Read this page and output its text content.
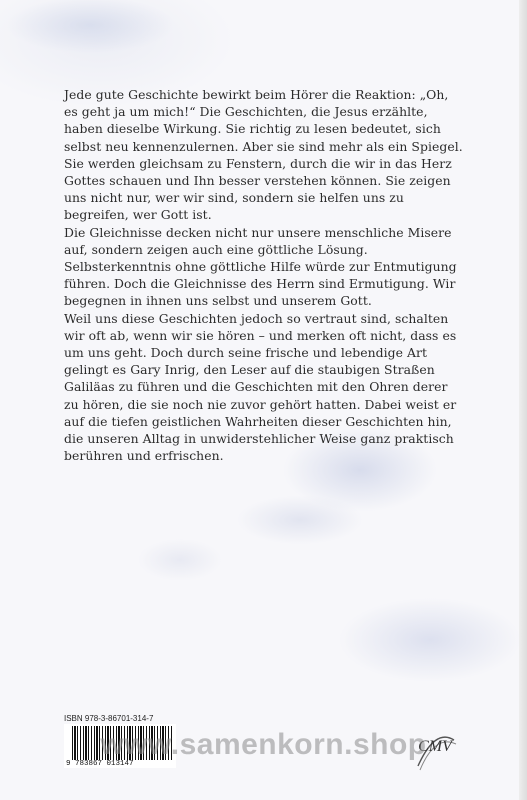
Jede gute Geschichte bewirkt beim Hörer die Reaktion: „Oh, es geht ja um mich!“ Die Geschichten, die Jesus erzählte, haben dieselbe Wirkung. Sie richtig zu lesen bedeutet, sich selbst neu kennenzulernen. Aber sie sind mehr als ein Spiegel. Sie werden gleichsam zu Fenstern, durch die wir in das Herz Gottes schauen und Ihn besser verstehen können. Sie zeigen uns nicht nur, wer wir sind, sondern sie helfen uns zu begreifen, wer Gott ist.

Die Gleichnisse decken nicht nur unsere menschliche Misere auf, sondern zeigen auch eine göttliche Lösung. Selbsterkenntnis ohne göttliche Hilfe würde zur Entmutigung führen. Doch die Gleichnisse des Herrn sind Ermutigung. Wir begegnen in ihnen uns selbst und unserem Gott.

Weil uns diese Geschichten jedoch so vertraut sind, schalten wir oft ab, wenn wir sie hören – und merken oft nicht, dass es um uns geht. Doch durch seine frische und lebendige Art gelingt es Gary Inrig, den Leser auf die staubigen Straßen Galiläas zu führen und die Geschichten mit den Ohren derer zu hören, die sie noch nie zuvor gehört hatten. Dabei weist er auf die tiefen geistlichen Wahrheiten dieser Geschichten hin, die unseren Alltag in unwiderstehlicher Weise ganz praktisch berühren und erfrischen.

ISBN 978-3-86701-314-7
9 783867 013147
CMV
www.samenkorn.shop
